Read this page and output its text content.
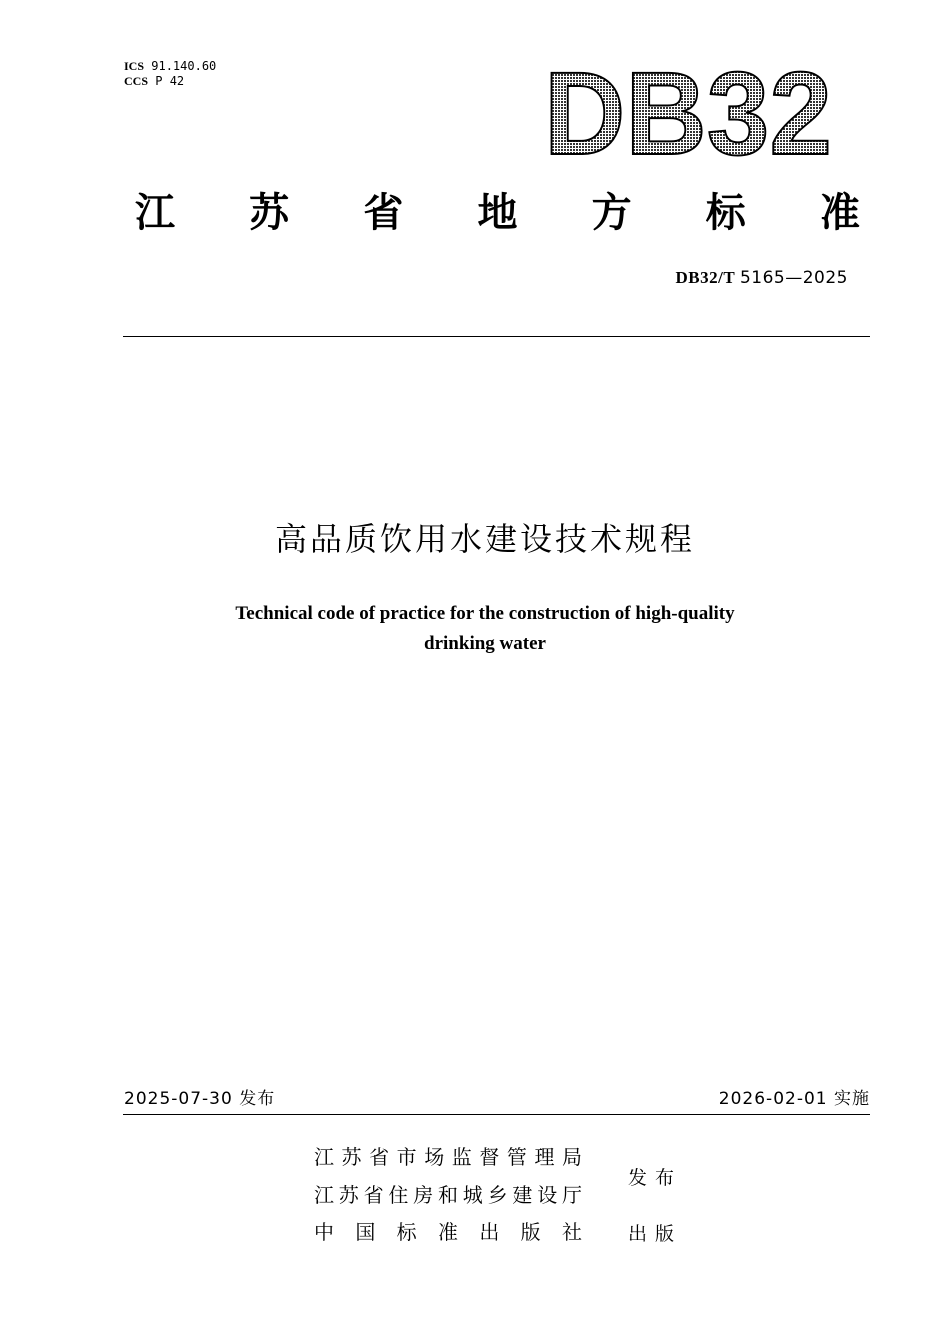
ICS 91.140.60
CCS P 42	DB32
江 苏 省 地 方 标 准
DB32/T 5165—2025
高品质饮用水建设技术规程
Technical code of practice for the construction of high-quality
drinking water
2025-07-30 发布	2026-02-01 实施
江苏省市场监督管理局
江苏省住房和城乡建设厅
发布
中 国 标 准 出 版 社 出版
